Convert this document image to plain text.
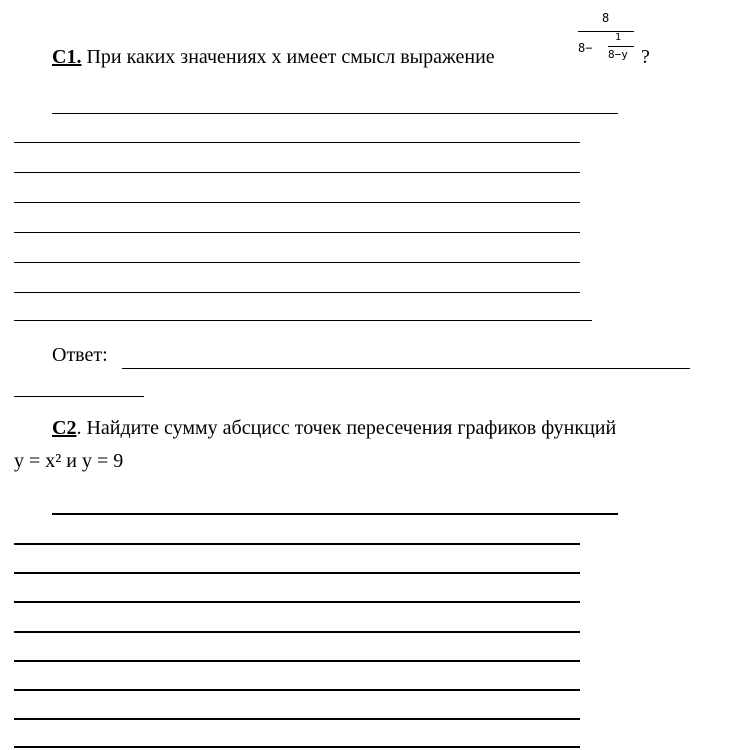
С1. При каких значениях x имеет смысл выражение
8
8−
1
8−y ?
Ответ:
С2. Найдите сумму абсцисс точек пересечения графиков функций
y = x² и y = 9
